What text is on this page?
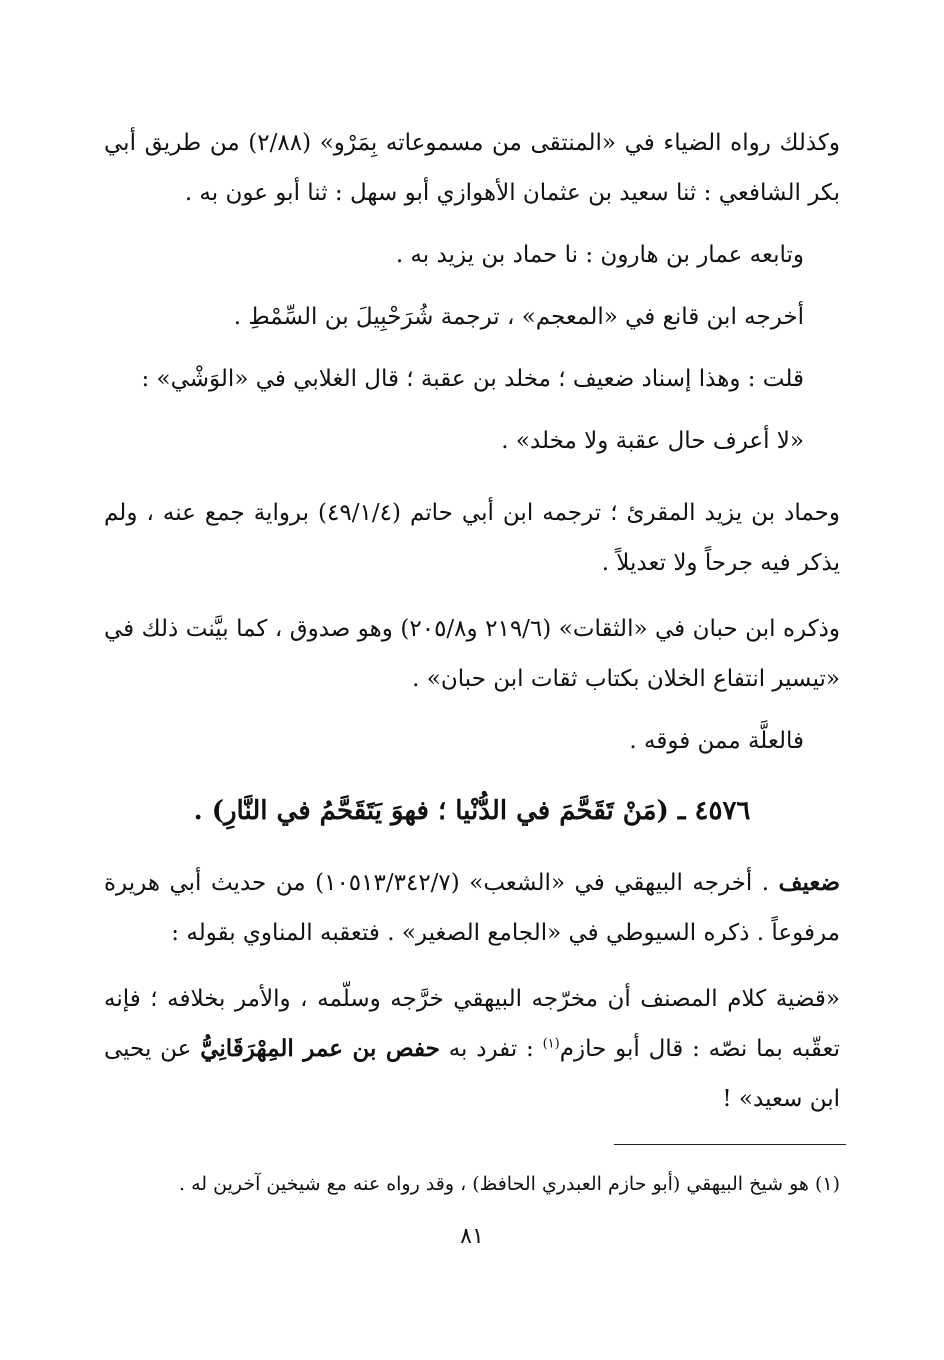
وكذلك رواه الضياء في «المنتقى من مسموعاته بِمَرْو» (٢/٨٨) من طريق أبي بكر الشافعي : ثنا سعيد بن عثمان الأهوازي أبو سهل : ثنا أبو عون به .
وتابعه عمار بن هارون : نا حماد بن يزيد به .
أخرجه ابن قانع في «المعجم» ، ترجمة شُرَحْبِيلَ بن السِّمْطِ .
قلت : وهذا إسناد ضعيف ؛ مخلد بن عقبة ؛ قال الغلابي في «الوَشْي» :
«لا أعرف حال عقبة ولا مخلد» .
وحماد بن يزيد المقرئ ؛ ترجمه ابن أبي حاتم (٤٩/١/٤) برواية جمع عنه ، ولم يذكر فيه جرحاً ولا تعديلاً .
وذكره ابن حبان في «الثقات» (٢١٩/٦ و٢٠٥/٨) وهو صدوق ، كما بيَّنت ذلك في «تيسير انتفاع الخلان بكتاب ثقات ابن حبان» .
فالعلَّة ممن فوقه .
٤٥٧٦ ـ (مَنْ تَقَحَّمَ في الدُّنْيا ؛ فهوَ يَتَقَحَّمُ في النَّارِ) .
ضعيف . أخرجه البيهقي في «الشعب» (١٠٥١٣/٣٤٢/٧) من حديث أبي هريرة مرفوعاً . ذكره السيوطي في «الجامع الصغير» . فتعقبه المناوي بقوله :
«قضية كلام المصنف أن مخرّجه البيهقي خرَّجه وسلّمه ، والأمر بخلافه ؛ فإنه تعقّبه بما نصّه : قال أبو حازم$^{(١)}$ : تفرد به حفص بن عمر المِهْرَقَانِيُّ عن يحيى ابن سعيد» !
(١) هو شيخ البيهقي (أبو حازم العبدري الحافظ) ، وقد رواه عنه مع شيخين آخرين له .
٨١
